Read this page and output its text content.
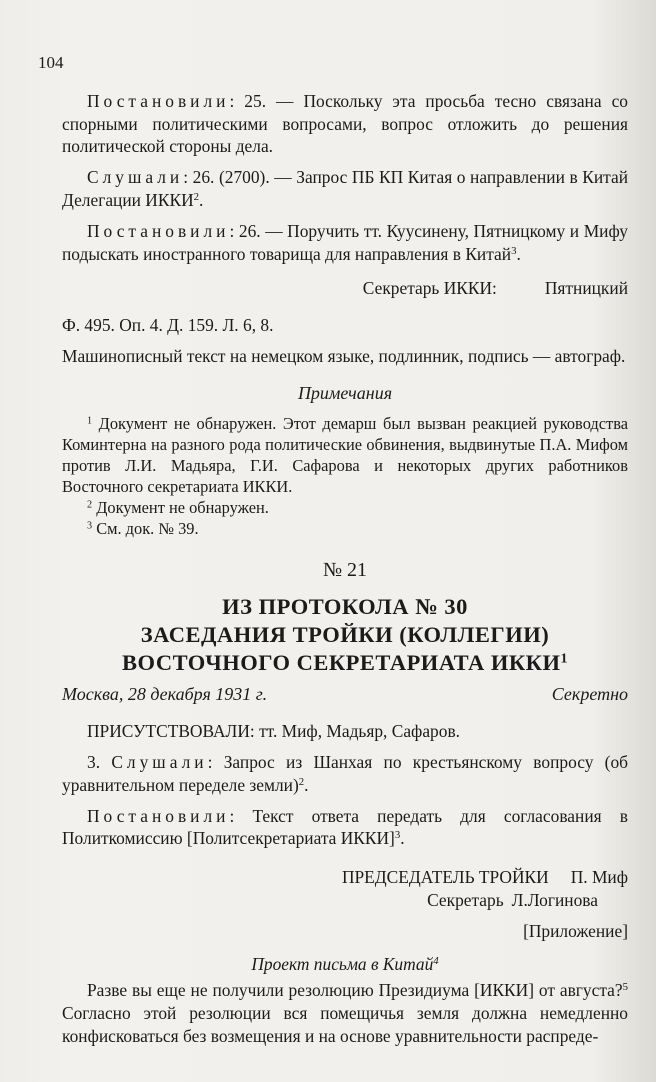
104

Постановили: 25. — Поскольку эта просьба тесно связана со спорными политическими вопросами, вопрос отложить до решения политической стороны дела.

Слушали: 26. (2700). — Запрос ПБ КП Китая о направлении в Китай Делегации ИККИ$^2$.

Постановили: 26. — Поручить тт. Куусинену, Пятницкому и Мифу подыскать иностранного товарища для направления в Китай$^3$.

Секретарь ИККИ:	Пятницкий

Ф. 495. Оп. 4. Д. 159. Л. 6, 8.

Машинописный текст на немецком языке, подлинник, подпись — автограф.

Примечания

$^1$ Документ не обнаружен. Этот демарш был вызван реакцией руководства Коминтерна на разного рода политические обвинения, выдвинутые П.А. Мифом против Л.И. Мадьяра, Г.И. Сафарова и некоторых других работников Восточного секретариата ИККИ.

$^2$ Документ не обнаружен.

$^3$ См. док. № 39.

№ 21
ИЗ ПРОТОКОЛА № 30
ЗАСЕДАНИЯ ТРОЙКИ (КОЛЛЕГИИ)
ВОСТОЧНОГО СЕКРЕТАРИАТА ИККИ$^1$
Москва, 28 декабря 1931 г.	Секретно

ПРИСУТСТВОВАЛИ: тт. Миф, Мадьяр, Сафаров.

3. Слушали: Запрос из Шанхая по крестьянскому вопросу (об уравнительном переделе земли)$^2$.

Постановили: Текст ответа передать для согласования в Политкомиссию [Политсекретариата ИККИ]$^3$.

ПРЕДСЕДАТЕЛЬ ТРОЙКИ П. Миф
Секретарь Л.Логинова
[Приложение]
Проект письма в Китай$^4$

Разве вы еще не получили резолюцию Президиума [ИККИ] от августа?$^5$ Согласно этой резолюции вся помещичья земля должна немедленно конфисковаться без возмещения и на основе уравнительности распреде-
